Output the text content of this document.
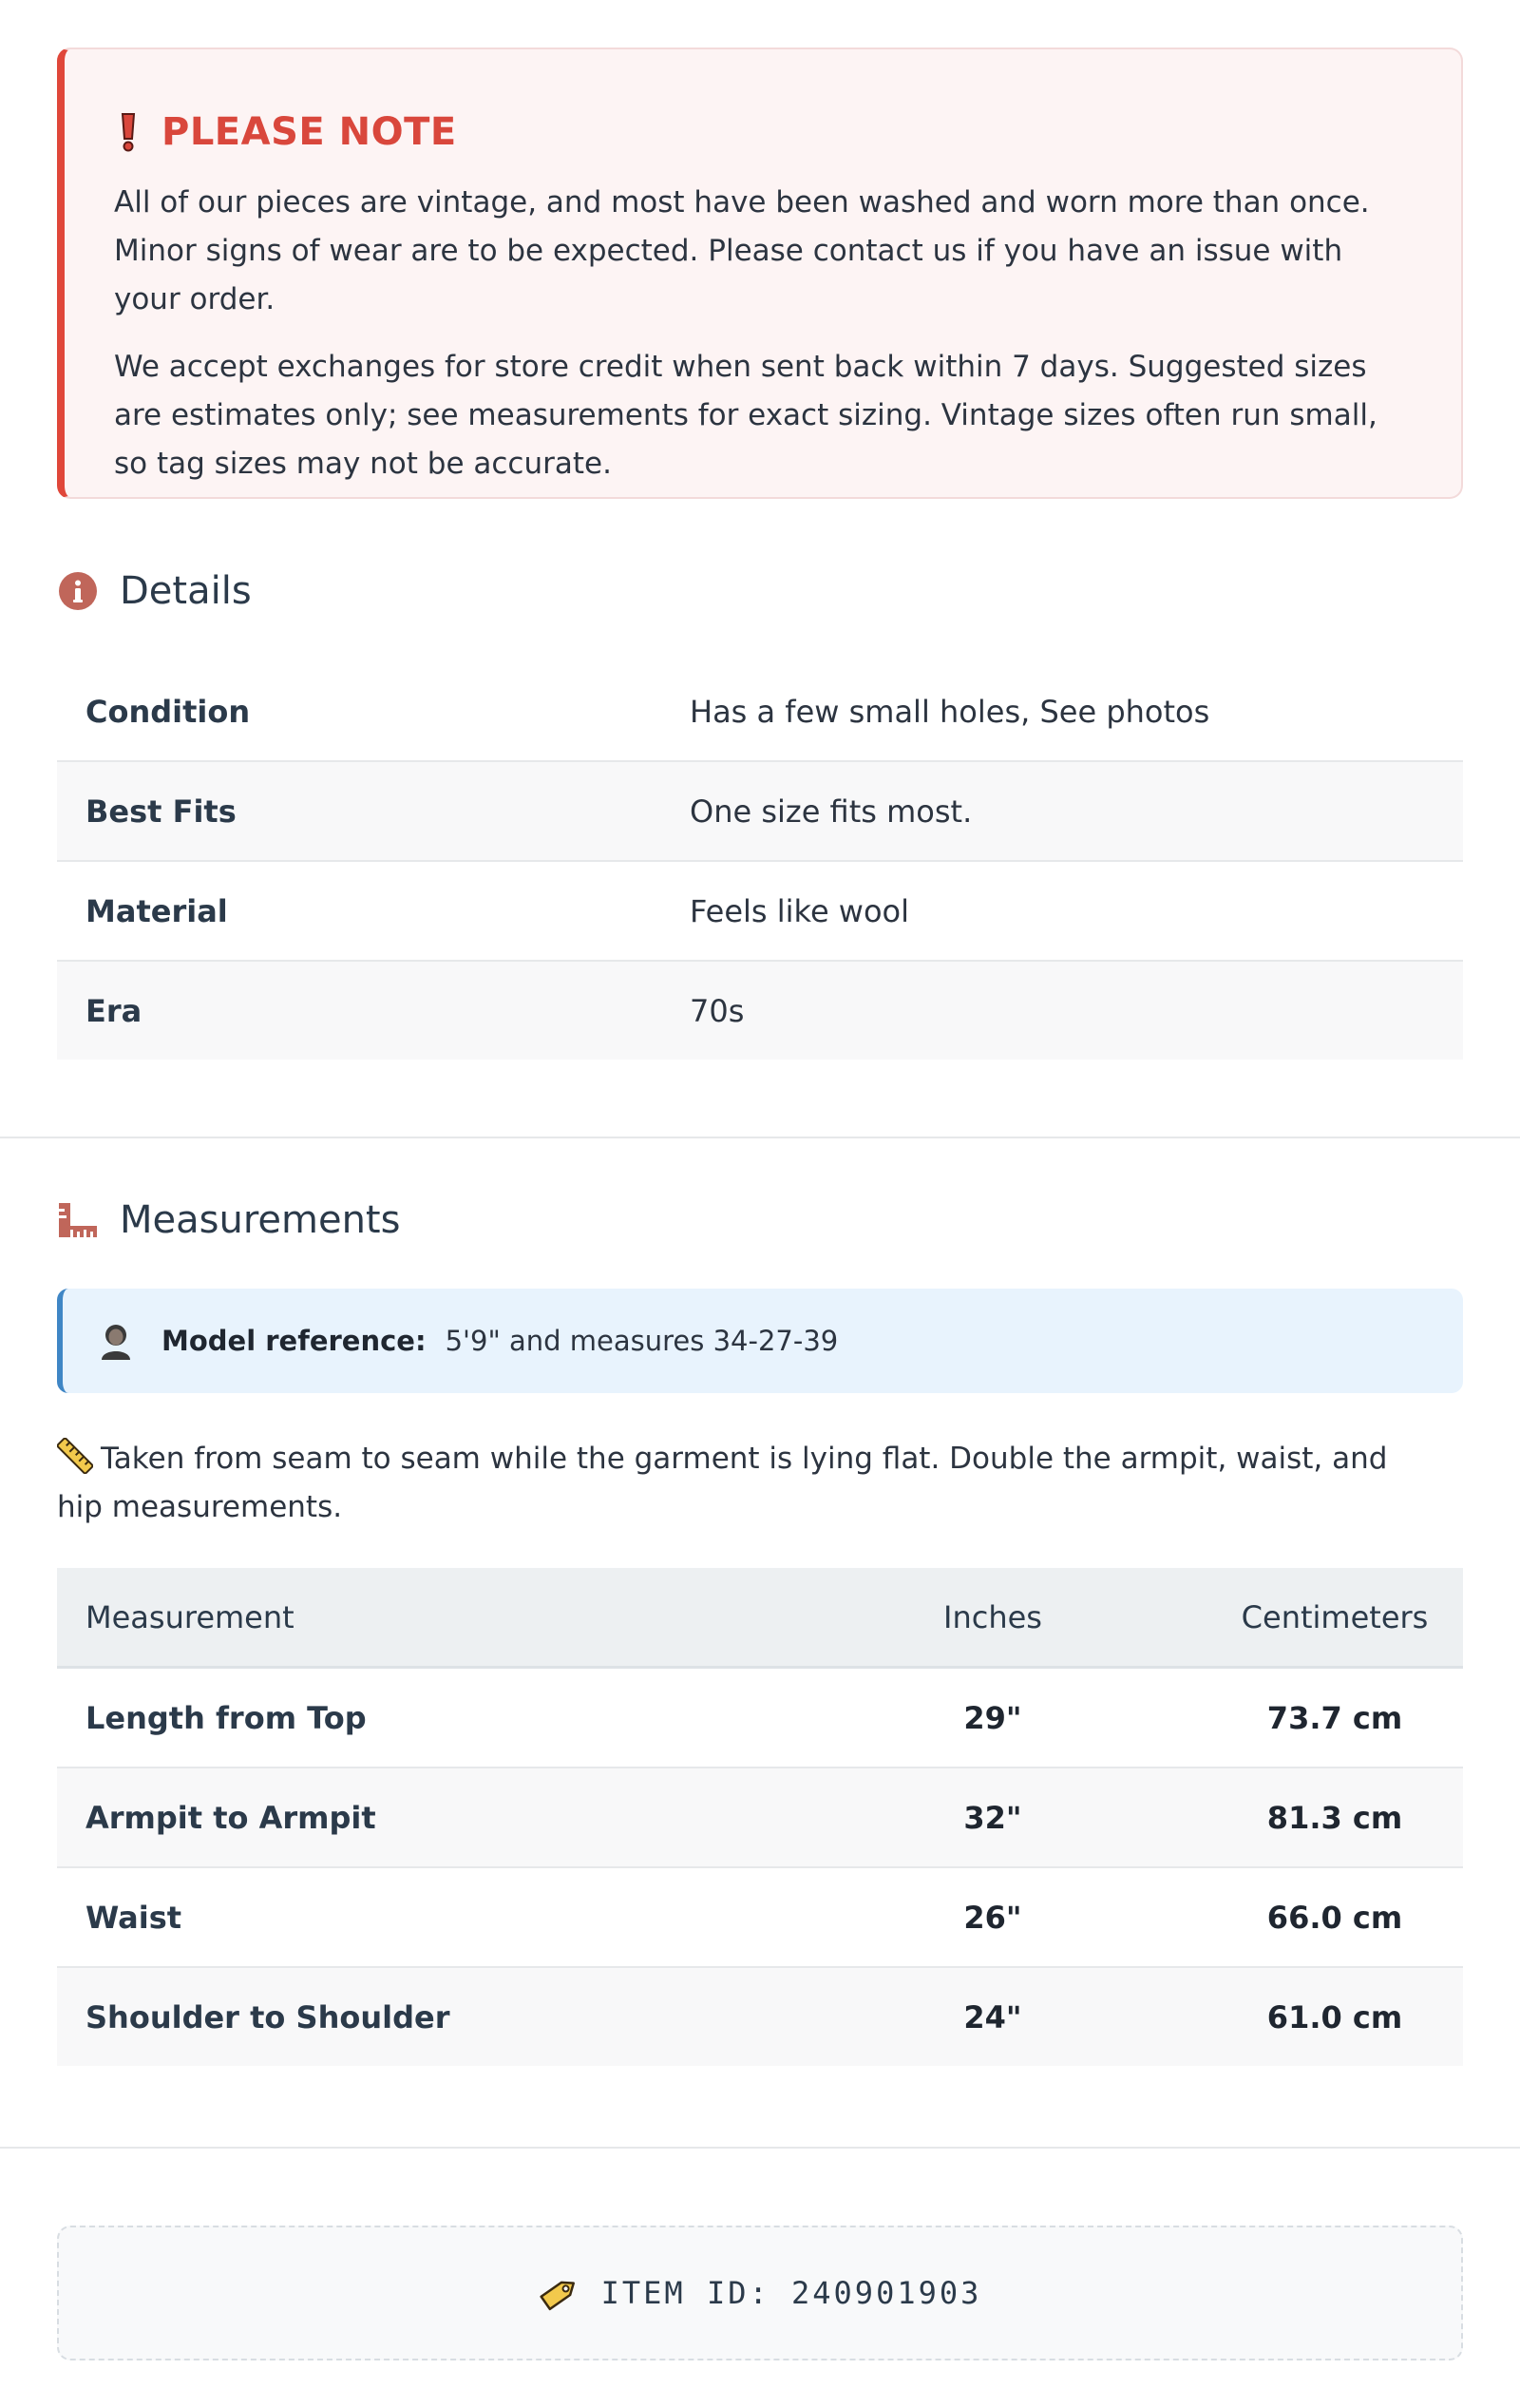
PLEASE NOTE

All of our pieces are vintage, and most have been washed and worn more than once. Minor signs of wear are to be expected. Please contact us if you have an issue with your order.

We accept exchanges for store credit when sent back within 7 days. Suggested sizes are estimates only; see measurements for exact sizing. Vintage sizes often run small, so tag sizes may not be accurate.

Details
Condition	Has a few small holes, See photos
Best Fits	One size fits most.
Material	Feels like wool
Era	70s
Measurements
Model reference: 5'9" and measures 34-27-39
Taken from seam to seam while the garment is lying flat. Double the armpit, waist, and hip measurements.
Measurement	Inches	Centimeters
Length from Top	29"	73.7 cm
Armpit to Armpit	32"	81.3 cm
Waist	26"	66.0 cm
Shoulder to Shoulder	24"	61.0 cm
ITEM ID: 240901903
